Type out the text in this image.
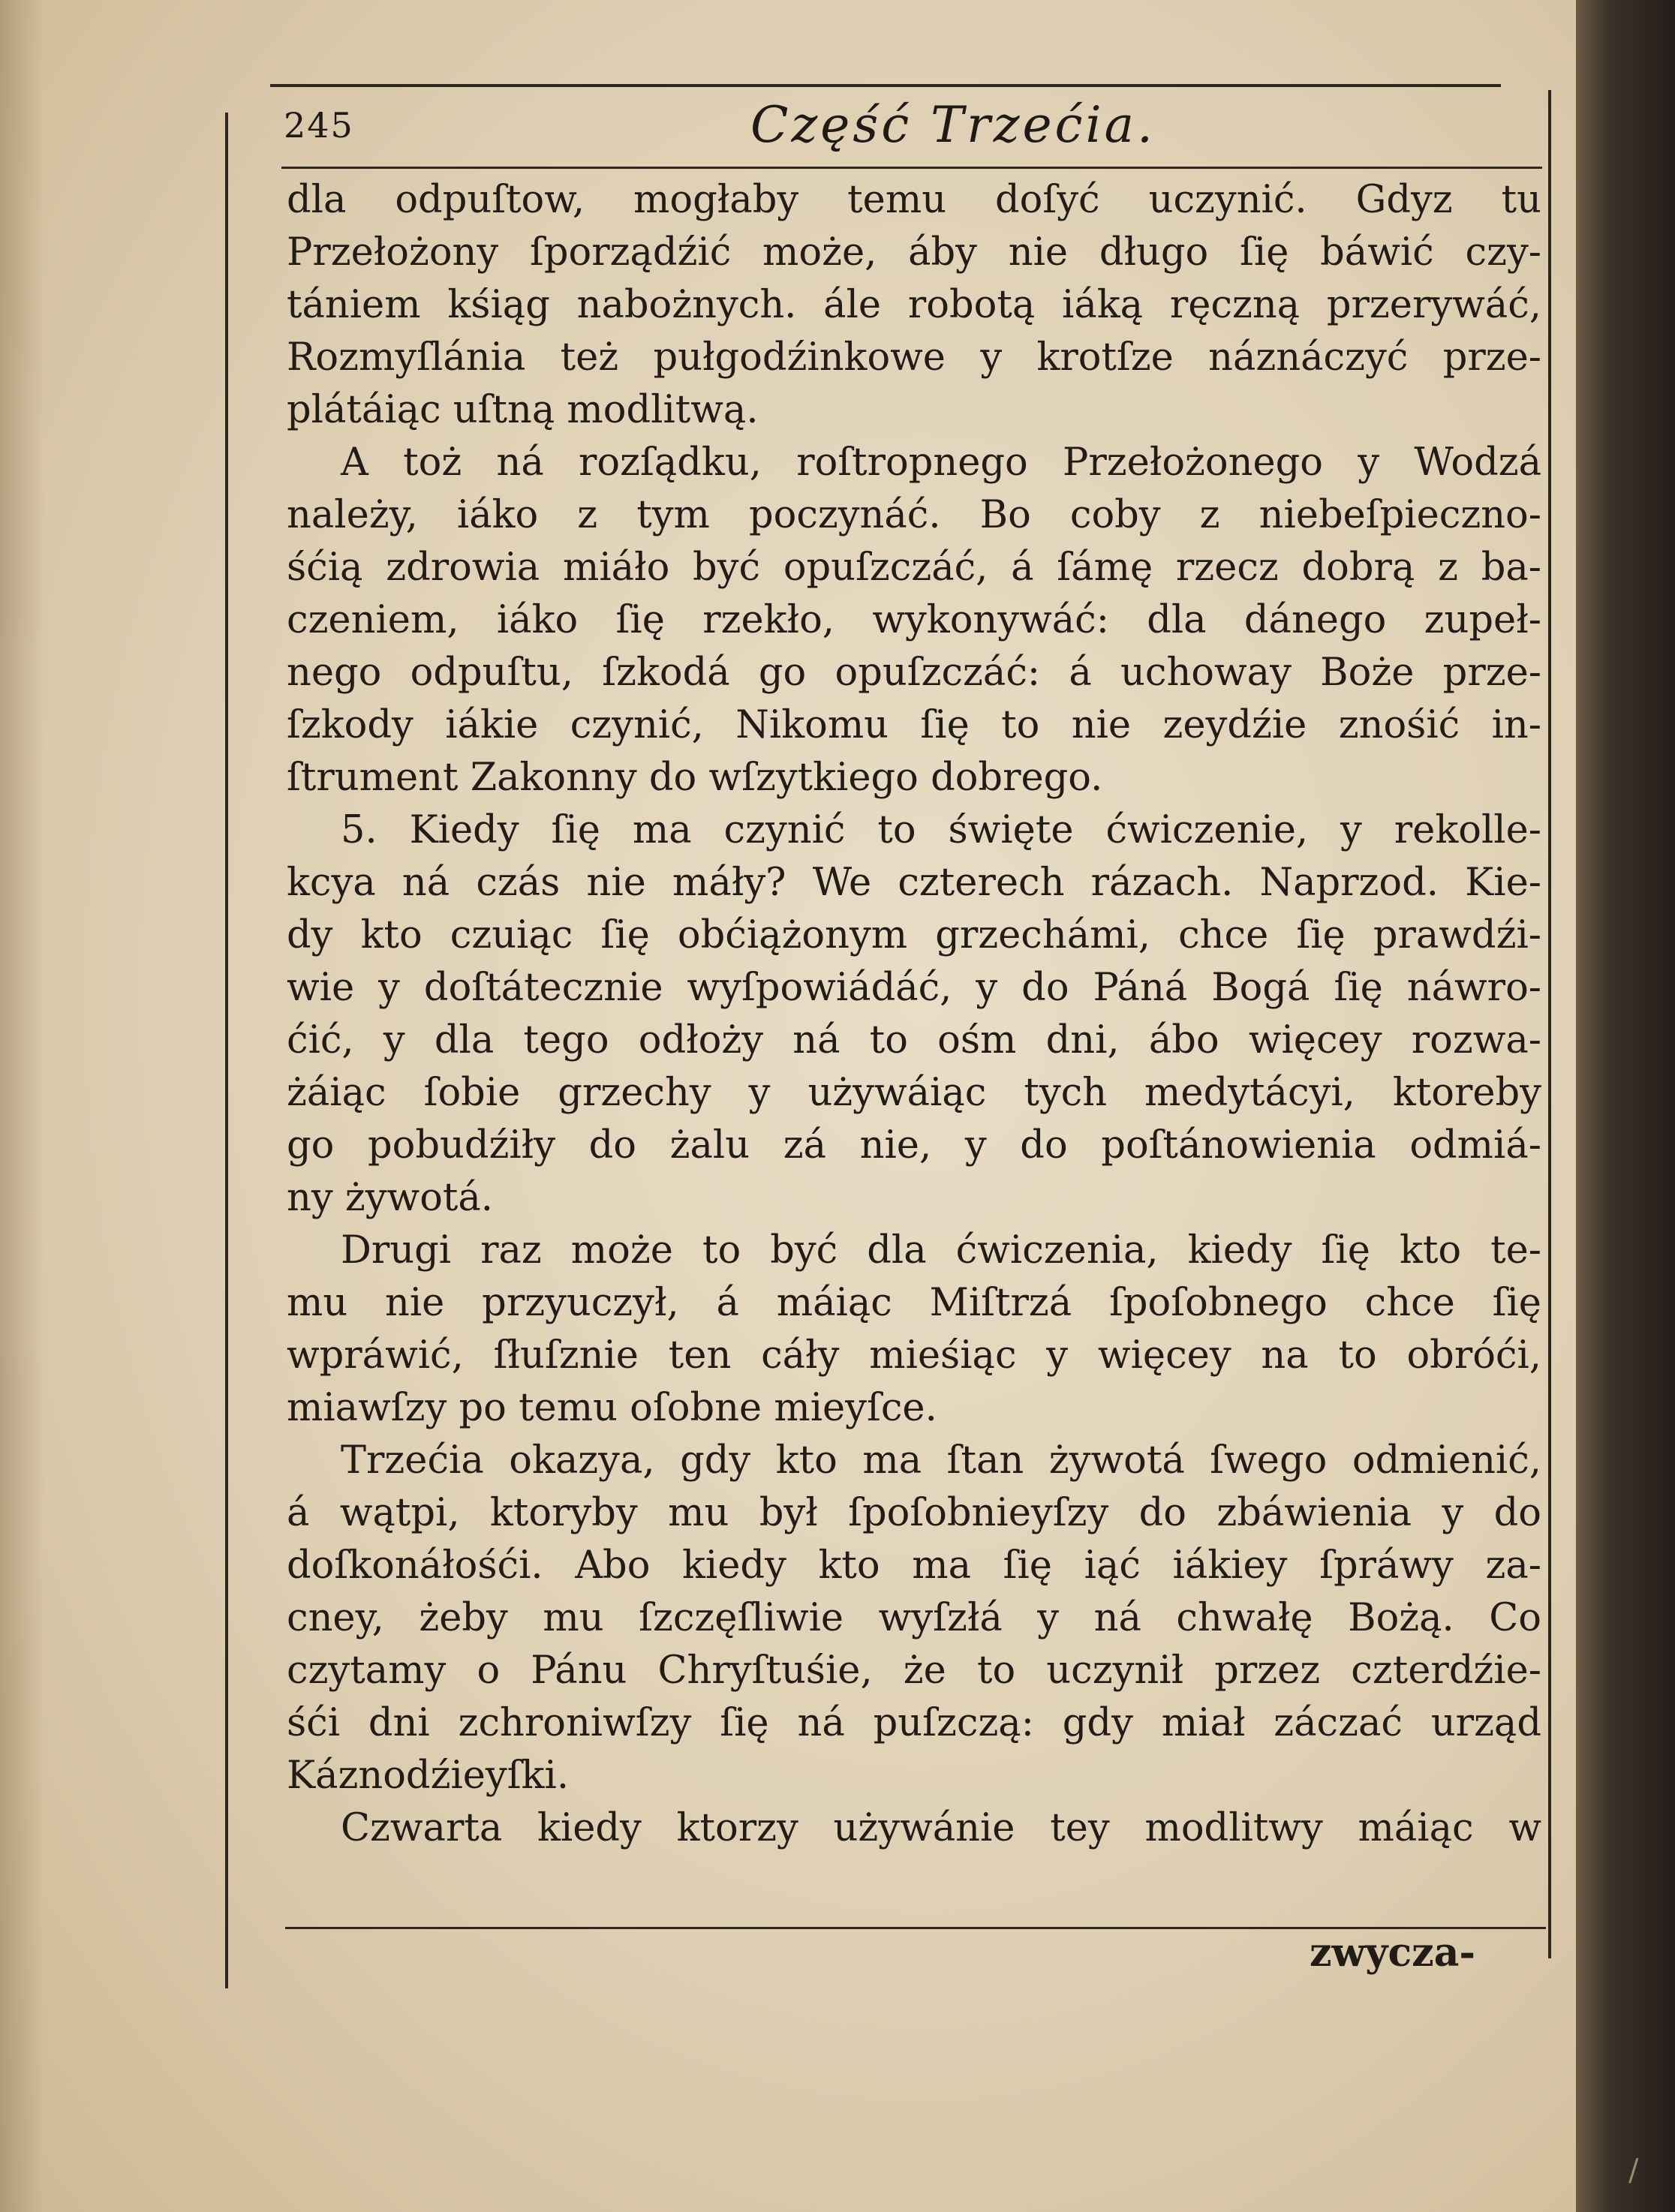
245	Część Trzećia.
dla odpuſtow, mogłaby temu doſyć uczynić. Gdyz tu
Przełożony ſporządźić może, áby nie długo ſię báwić czy-
tániem kśiąg nabożnych. ále robotą iáką ręczną przerywáć,
Rozmyſlánia też pułgodźinkowe y krotſze náznáczyć prze-
plátáiąc uſtną modlitwą.
A toż ná rozſądku, roſtropnego Przełożonego y Wodzá
należy, iáko z tym poczynáć. Bo coby z niebeſpieczno-
śćią zdrowia miáło być opuſzczáć, á ſámę rzecz dobrą z ba-
czeniem, iáko ſię rzekło, wykonywáć: dla dánego zupeł-
nego odpuſtu, ſzkodá go opuſzczáć: á uchoway Boże prze-
ſzkody iákie czynić, Nikomu ſię to nie zeydźie znośić in-
ſtrument Zakonny do wſzytkiego dobrego.
5. Kiedy ſię ma czynić to święte ćwiczenie, y rekolle-
kcya ná czás nie máły? We czterech rázach. Naprzod. Kie-
dy kto czuiąc ſię obćiążonym grzechámi, chce ſię prawdźi-
wie y doſtátecznie wyſpowiádáć, y do Páná Bogá ſię náwro-
ćić, y dla tego odłoży ná to ośm dni, ábo więcey rozwa-
żáiąc ſobie grzechy y używáiąc tych medytácyi, ktoreby
go pobudźiły do żalu zá nie, y do poſtánowienia odmiá-
ny żywotá.
Drugi raz może to być dla ćwiczenia, kiedy ſię kto te-
mu nie przyuczył, á máiąc Miſtrzá ſpoſobnego chce ſię
wpráwić, ſłuſznie ten cáły mieśiąc y więcey na to obróći,
miawſzy po temu oſobne mieyſce.
Trzećia okazya, gdy kto ma ſtan żywotá ſwego odmienić,
á wątpi, ktoryby mu był ſpoſobnieyſzy do zbáwienia y do
doſkonáłośći. Abo kiedy kto ma ſię iąć iákiey ſpráwy za-
cney, żeby mu ſzczęſliwie wyſzłá y ná chwałę Bożą. Co
czytamy o Pánu Chryſtuśie, że to uczynił przez czterdźie-
śći dni zchroniwſzy ſię ná puſzczą: gdy miał záczać urząd
Káznodźieyſki.
Czwarta kiedy ktorzy używánie tey modlitwy máiąc w
zwycza-
/
